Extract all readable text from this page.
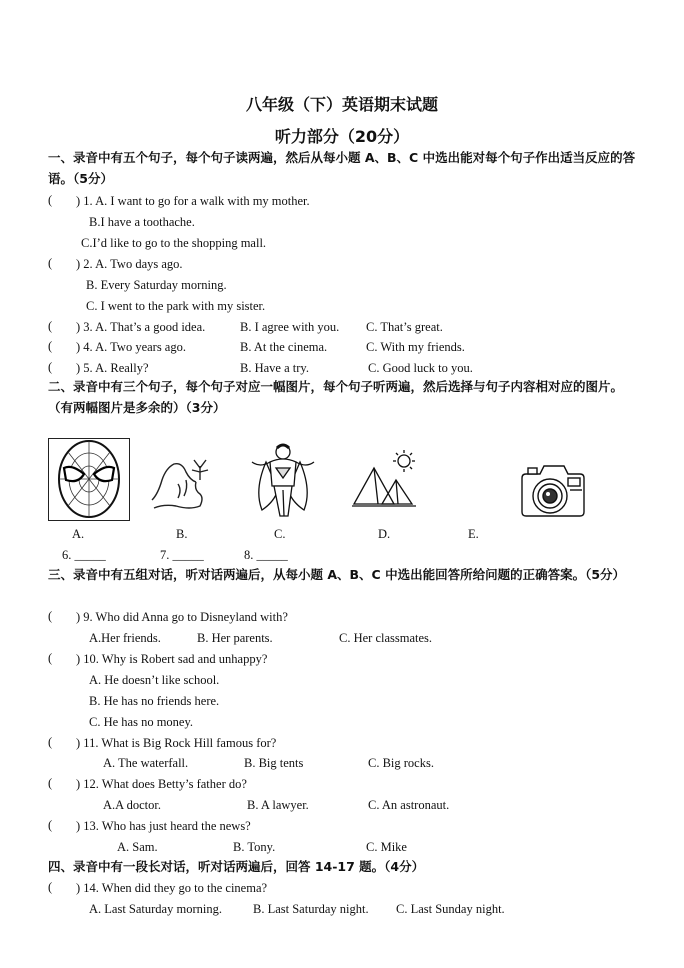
八年级（下）英语期末试题
听力部分（20分）
一、录音中有五个句子，每个句子读两遍，然后从每小题 A、B、C 中选出能对每个句子作出适当反应的答语。（5分）
( ) 1. A. I want to go for a walk with my mother.
B.I have a toothache.
C.I’d like to go to the shopping mall.
( ) 2. A. Two days ago.
B. Every Saturday morning.
C. I went to the park with my sister.
( ) 3. A. That’s a good idea.	B. I agree with you. C. That’s great.
( ) 4. A. Two years ago.	B. At the cinema.	C. With my friends.
( ) 5. A. Really?	B. Have a try.	C. Good luck to you.
二、录音中有三个句子，每个句子对应一幅图片，每个句子听两遍，然后选择与句子内容相对应的图片。（有两幅图片是多余的）（3分）
A.	B.	C.	D.	E.
6. _____	7. _____	8. _____
三、录音中有五组对话，听对话两遍后，从每小题 A、B、C 中选出能回答所给问题的正确答案。（5分）
( ) 9. Who did Anna go to Disneyland with?
A.Her friends.	B. Her parents.	C. Her classmates.
( ) 10. Why is Robert sad and unhappy?
A. He doesn’t like school.
B. He has no friends here.
C. He has no money.
( ) 11. What is Big Rock Hill famous for?
A. The waterfall.	B. Big tents	C. Big rocks.
( ) 12. What does Betty’s father do?
A.A doctor.	B. A lawyer.	C. An astronaut.
( ) 13. Who has just heard the news?
A. Sam.	B. Tony.	C. Mike
四、录音中有一段长对话，听对话两遍后，回答 14-17 题。（4分）
( ) 14. When did they go to the cinema?
A. Last Saturday morning. B. Last Saturday night. C. Last Sunday night.
